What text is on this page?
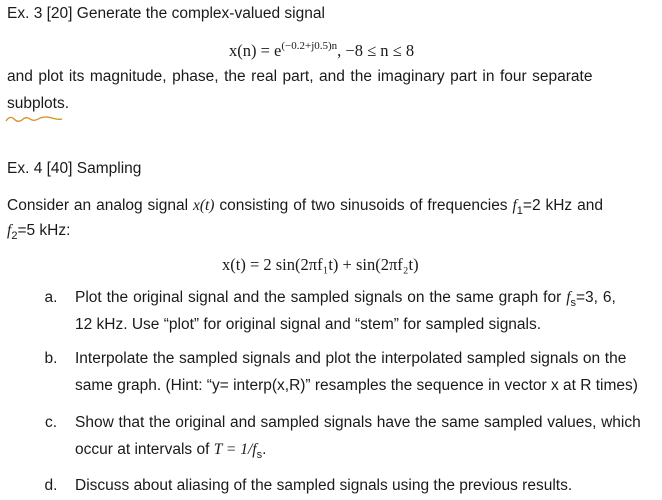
Ex. 3 [20] Generate the complex-valued signal
$x(n) = e^{(-0.2+j0.5)n}$, −8 ≤ n ≤ 8
and plot its magnitude, phase, the real part, and the imaginary part in four separate
subplots.
Ex. 4 [40] Sampling
Consider an analog signal x(t) consisting of two sinusoids of frequencies $f_1=2$ kHz and
$f_2=5$ kHz:
x(t) = 2 sin(2πf₁t) + sin(2πf₂t)
a. Plot the original signal and the sampled signals on the same graph for $f_s=3$, 6,
12 kHz. Use “plot” for original signal and “stem” for sampled signals.
b. Interpolate the sampled signals and plot the interpolated sampled signals on the
same graph. (Hint: “y= interp(x,R)” resamples the sequence in vector x at R times)
c.	Show that the original and sampled signals have the same sampled values, which
occur at intervals of $T = 1/f_s$.
d. Discuss about aliasing of the sampled signals using the previous results.
